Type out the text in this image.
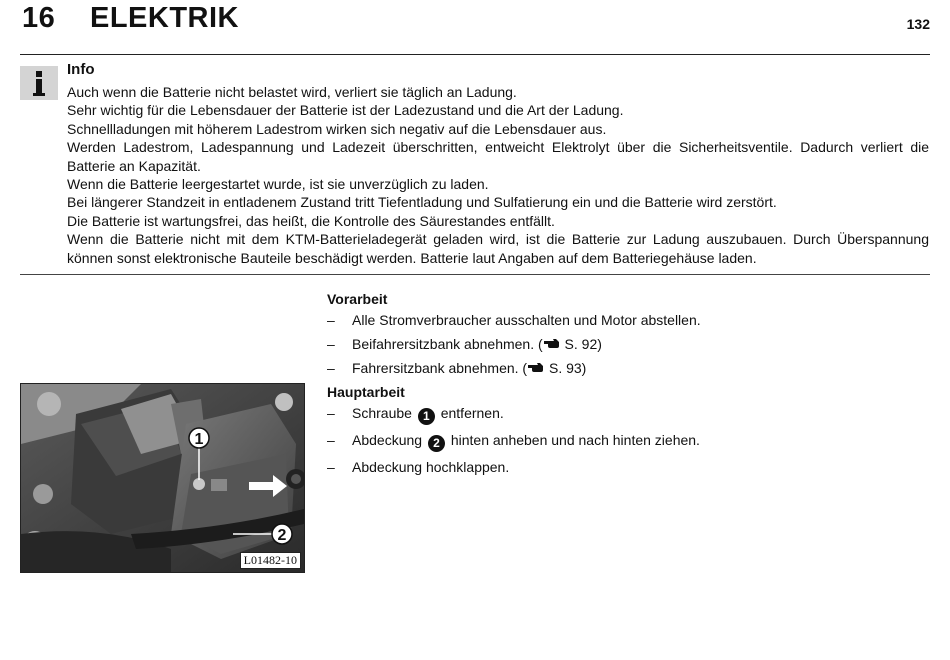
16 ELEKTRIK	132
Info
Auch wenn die Batterie nicht belastet wird, verliert sie täglich an Ladung.
Sehr wichtig für die Lebensdauer der Batterie ist der Ladezustand und die Art der Ladung.
Schnellladungen mit höherem Ladestrom wirken sich negativ auf die Lebensdauer aus.
Werden Ladestrom, Ladespannung und Ladezeit überschritten, entweicht Elektrolyt über die Sicherheitsventile. Dadurch verliert die Batterie an Kapazität.
Wenn die Batterie leergestartet wurde, ist sie unverzüglich zu laden.
Bei längerer Standzeit in entladenem Zustand tritt Tiefentladung und Sulfatierung ein und die Batterie wird zerstört.
Die Batterie ist wartungsfrei, das heißt, die Kontrolle des Säurestandes entfällt.
Wenn die Batterie nicht mit dem KTM-Batterieladegerät geladen wird, ist die Batterie zur Ladung auszubauen. Durch Überspannung können sonst elektronische Bauteile beschädigt werden. Batterie laut Angaben auf dem Batteriegehäuse laden.
1
2
L01482-10
Vorarbeit
– Alle Stromverbraucher ausschalten und Motor abstellen.
– Beifahrersitzbank abnehmen. ( S. 92)
– Fahrersitzbank abnehmen. ( S. 93)
Hauptarbeit
– Schraube 1 entfernen.
– Abdeckung 2 hinten anheben und nach hinten ziehen.
– Abdeckung hochklappen.
